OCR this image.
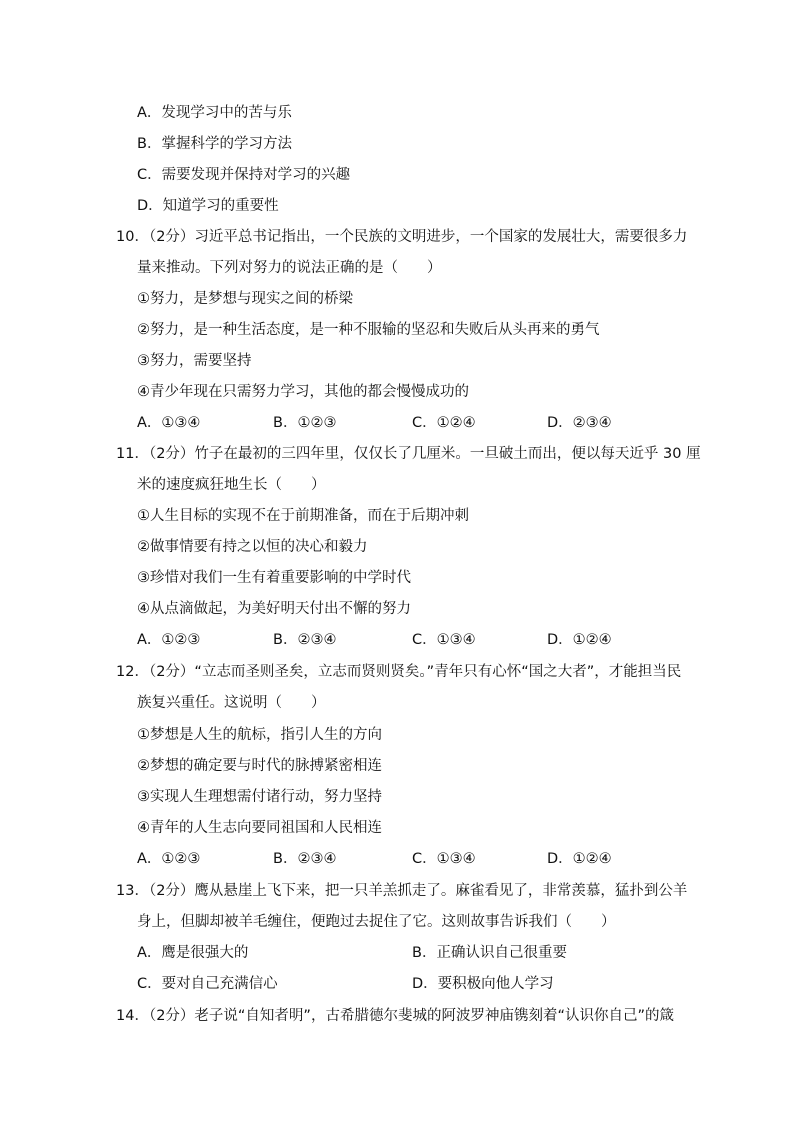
A．发现学习中的苦与乐
B．掌握科学的学习方法
C．需要发现并保持对学习的兴趣
D．知道学习的重要性
10．（2分）习近平总书记指出，一个民族的文明进步，一个国家的发展壮大，需要很多力
量来推动。下列对努力的说法正确的是（　　）
①努力，是梦想与现实之间的桥梁
②努力，是一种生活态度，是一种不服输的坚忍和失败后从头再来的勇气
③努力，需要坚持
④青少年现在只需努力学习，其他的都会慢慢成功的
A．①③④	B．①②③	C．①②④	D．②③④
11．（2分）竹子在最初的三四年里，仅仅长了几厘米。一旦破土而出，便以每天近乎 30 厘
米的速度疯狂地生长（　　）
①人生目标的实现不在于前期准备，而在于后期冲刺
②做事情要有持之以恒的决心和毅力
③珍惜对我们一生有着重要影响的中学时代
④从点滴做起，为美好明天付出不懈的努力
A．①②③	B．②③④	C．①③④	D．①②④
12．（2分）“立志而圣则圣矣，立志而贤则贤矣。”青年只有心怀“国之大者”，才能担当民
族复兴重任。这说明（　　）
①梦想是人生的航标，指引人生的方向
②梦想的确定要与时代的脉搏紧密相连
③实现人生理想需付诸行动，努力坚持
④青年的人生志向要同祖国和人民相连
A．①②③	B．②③④	C．①③④	D．①②④
13．（2分）鹰从悬崖上飞下来，把一只羊羔抓走了。麻雀看见了，非常羡慕，猛扑到公羊
身上，但脚却被羊毛缠住，便跑过去捉住了它。这则故事告诉我们（　　）
A．鹰是很强大的	B．正确认识自己很重要
C．要对自己充满信心	D．要积极向他人学习
14．（2分）老子说“自知者明”，古希腊德尔斐城的阿波罗神庙镌刻着“认识你自己”的箴
